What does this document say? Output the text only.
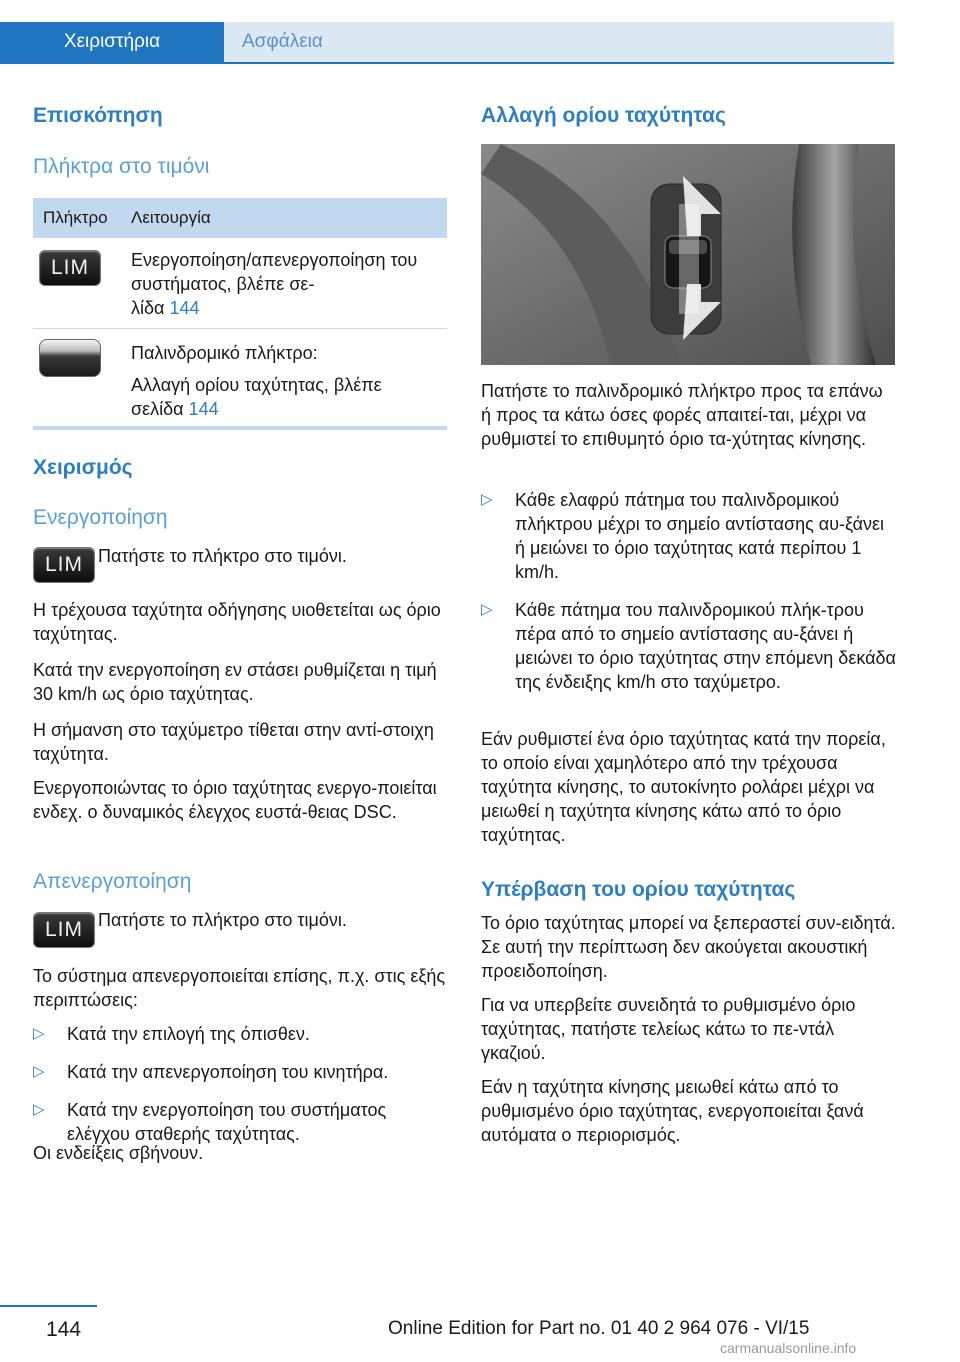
Χειριστήρια	Ασφάλεια
Επισκόπηση
Πλήκτρα στο τιμόνι
Πλήκτρο Λειτουργία
LIM Ενεργοποίηση/απενεργοποίηση του συστήματος, βλέπε σε-
λίδα 144
Παλινδρομικό πλήκτρο:
Αλλαγή ορίου ταχύτητας, βλέπε
σελίδα 144
Χειρισμός
Ενεργοποίηση
LIM Πατήστε το πλήκτρο στο τιμόνι.

Η τρέχουσα ταχύτητα οδήγησης υιοθετείται ως όριο ταχύτητας.

Κατά την ενεργοποίηση εν στάσει ρυθμίζεται η τιμή 30 km/h ως όριο ταχύτητας.

Η σήμανση στο ταχύμετρο τίθεται στην αντί-στοιχη ταχύτητα.

Ενεργοποιώντας το όριο ταχύτητας ενεργο-ποιείται ενδεχ. ο δυναμικός έλεγχος ευστά-θειας DSC.

Απενεργοποίηση
LIM Πατήστε το πλήκτρο στο τιμόνι.

Το σύστημα απενεργοποιείται επίσης, π.χ. στις εξής περιπτώσεις:

▷ Κατά την επιλογή της όπισθεν.
▷ Κατά την απενεργοποίηση του κινητήρα.
▷ Κατά την ενεργοποίηση του συστήματος ελέγχου σταθερής ταχύτητας.

Οι ενδείξεις σβήνουν.

Αλλαγή ορίου ταχύτητας

Πατήστε το παλινδρομικό πλήκτρο προς τα επάνω ή προς τα κάτω όσες φορές απαιτεί-ται, μέχρι να ρυθμιστεί το επιθυμητό όριο τα-χύτητας κίνησης.

▷ Κάθε ελαφρύ πάτημα του παλινδρομικού πλήκτρου μέχρι το σημείο αντίστασης αυ-ξάνει ή μειώνει το όριο ταχύτητας κατά περίπου 1 km/h.
▷ Κάθε πάτημα του παλινδρομικού πλήκ-τρου πέρα από το σημείο αντίστασης αυ-ξάνει ή μειώνει το όριο ταχύτητας στην επόμενη δεκάδα της ένδειξης km/h στο ταχύμετρο.

Εάν ρυθμιστεί ένα όριο ταχύτητας κατά την πορεία, το οποίο είναι χαμηλότερο από την τρέχουσα ταχύτητα κίνησης, το αυτοκίνητο ρολάρει μέχρι να μειωθεί η ταχύτητα κίνησης κάτω από το όριο ταχύτητας.

Υπέρβαση του ορίου ταχύτητας

Το όριο ταχύτητας μπορεί να ξεπεραστεί συν-ειδητά. Σε αυτή την περίπτωση δεν ακούγεται ακουστική προειδοποίηση.

Για να υπερβείτε συνειδητά το ρυθμισμένο όριο ταχύτητας, πατήστε τελείως κάτω το πε-ντάλ γκαζιού.

Εάν η ταχύτητα κίνησης μειωθεί κάτω από το ρυθμισμένο όριο ταχύτητας, ενεργοποιείται ξανά αυτόματα ο περιορισμός.

144	Online Edition for Part no. 01 40 2 964 076 - VI/15
carmanualsonline.info
